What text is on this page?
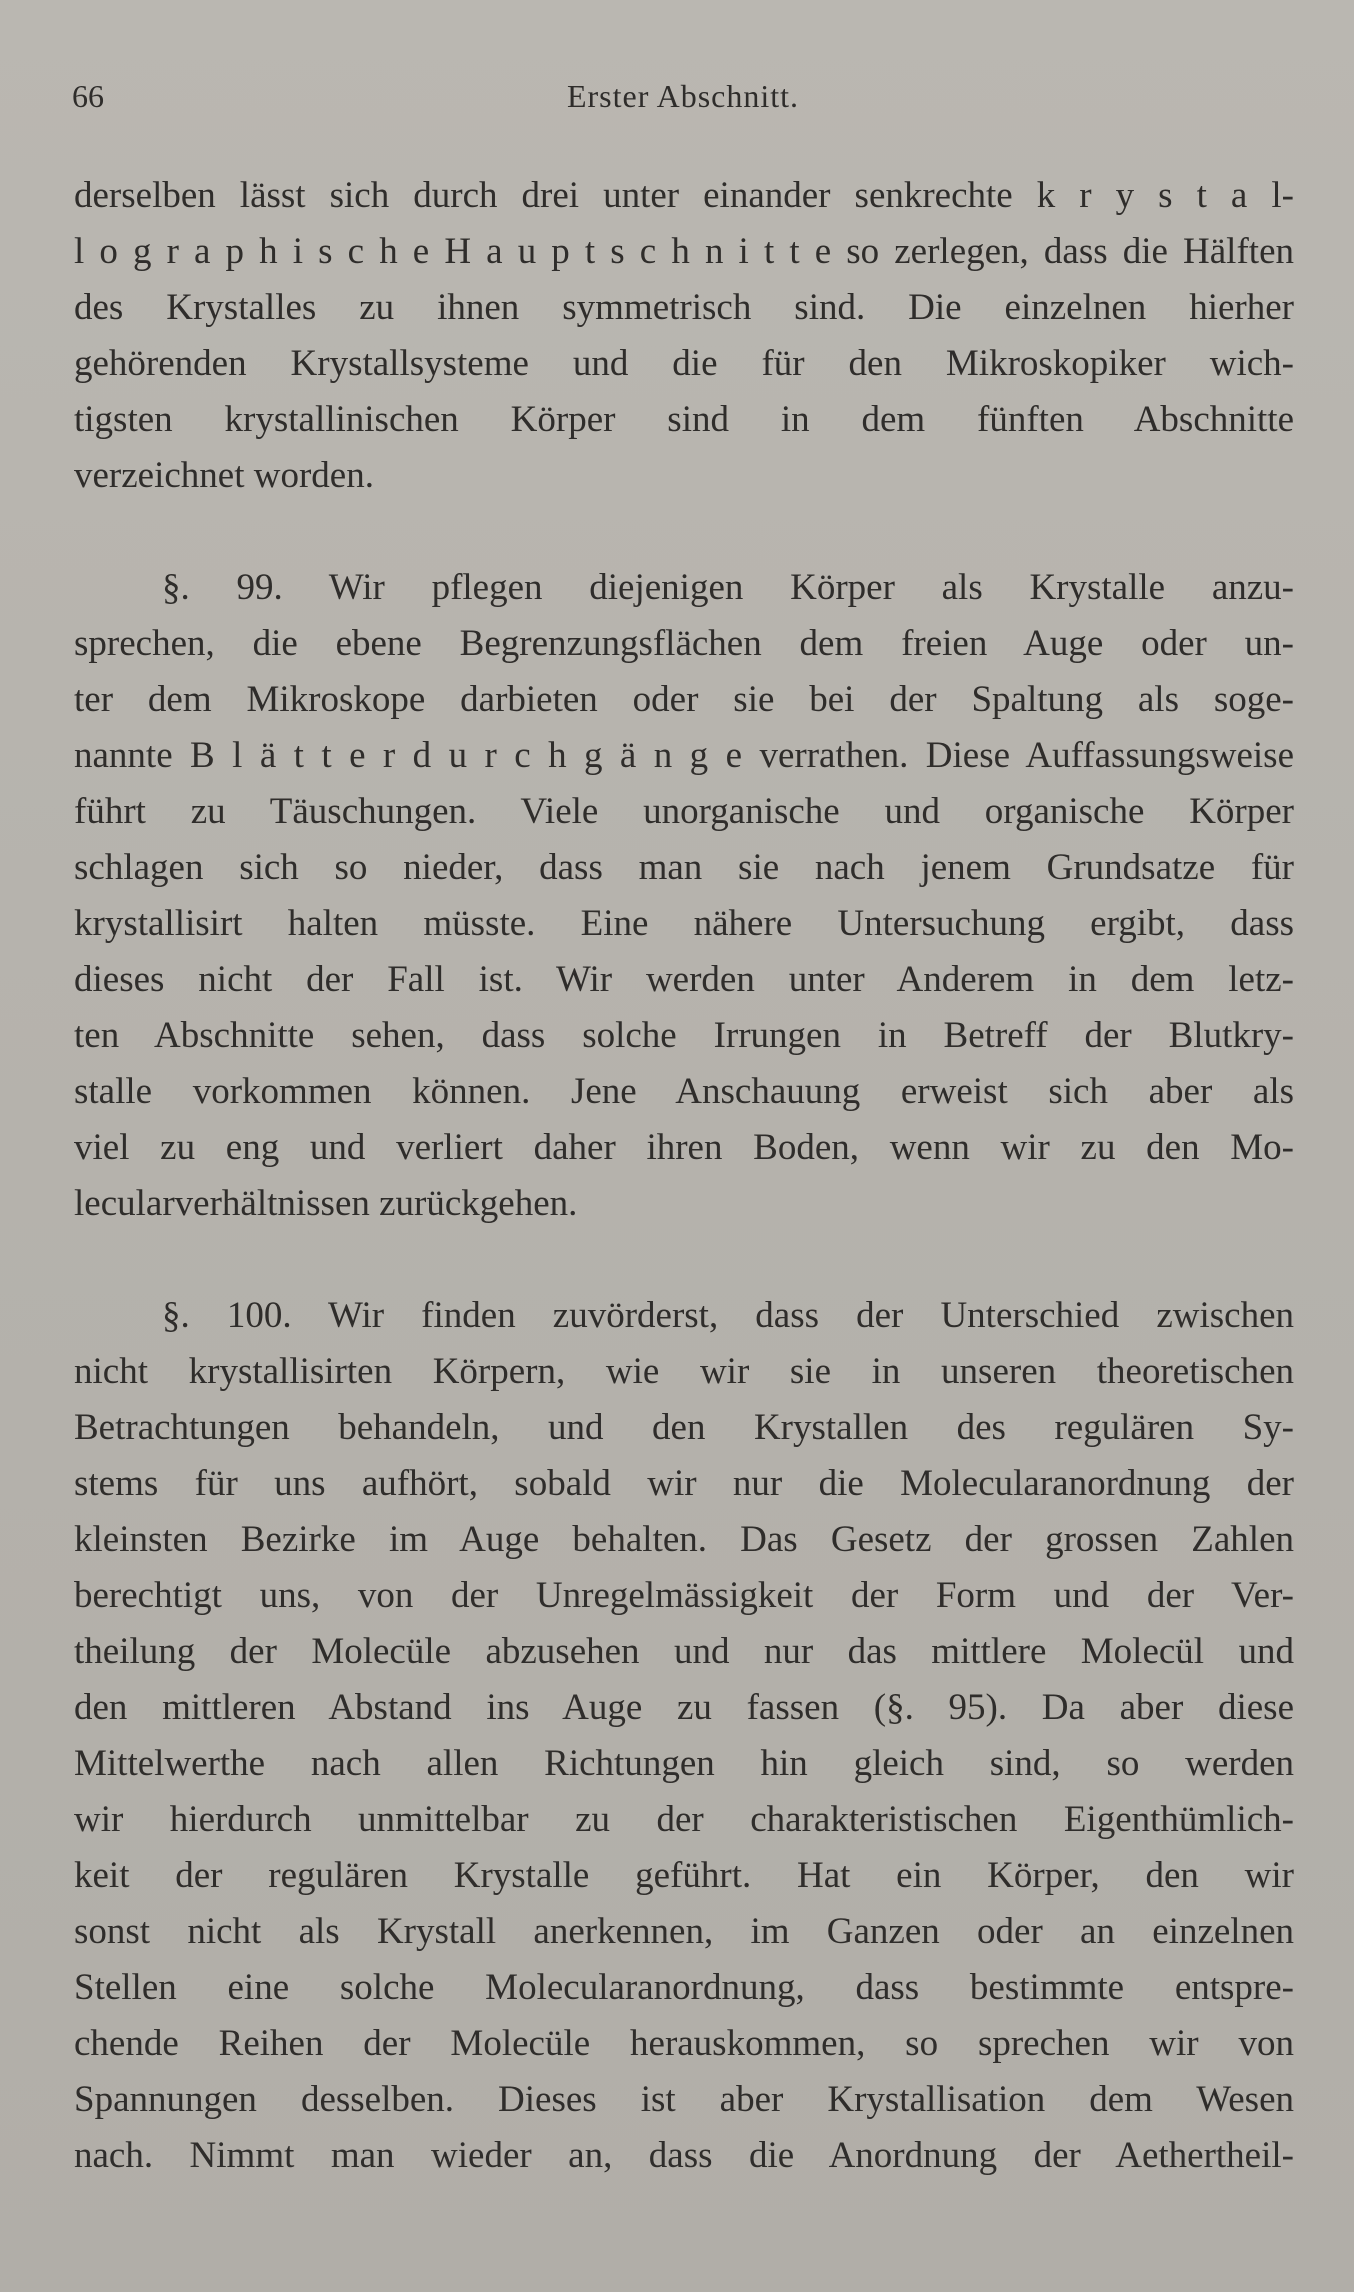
66	Erster Abschnitt.

derselben lässt sich durch drei unter einander senkrechte k r y s t a l-
l o g r a p h i s c h e H a u p t s c h n i t t e so zerlegen, dass die Hälften
des Krystalles zu ihnen symmetrisch sind. Die einzelnen hierher
gehörenden Krystallsysteme und die für den Mikroskopiker wich-
tigsten krystallinischen Körper sind in dem fünften Abschnitte
verzeichnet worden.

§. 99. Wir pflegen diejenigen Körper als Krystalle anzu-
sprechen, die ebene Begrenzungsflächen dem freien Auge oder un-
ter dem Mikroskope darbieten oder sie bei der Spaltung als soge-
nannte B l ä t t e r d u r c h g ä n g e verrathen. Diese Auffassungsweise
führt zu Täuschungen. Viele unorganische und organische Körper
schlagen sich so nieder, dass man sie nach jenem Grundsatze für
krystallisirt halten müsste. Eine nähere Untersuchung ergibt, dass
dieses nicht der Fall ist. Wir werden unter Anderem in dem letz-
ten Abschnitte sehen, dass solche Irrungen in Betreff der Blutkry-
stalle vorkommen können. Jene Anschauung erweist sich aber als
viel zu eng und verliert daher ihren Boden, wenn wir zu den Mo-
lecularverhältnissen zurückgehen.

§. 100. Wir finden zuvörderst, dass der Unterschied zwischen
nicht krystallisirten Körpern, wie wir sie in unseren theoretischen
Betrachtungen behandeln, und den Krystallen des regulären Sy-
stems für uns aufhört, sobald wir nur die Molecularanordnung der
kleinsten Bezirke im Auge behalten. Das Gesetz der grossen Zahlen
berechtigt uns, von der Unregelmässigkeit der Form und der Ver-
theilung der Molecüle abzusehen und nur das mittlere Molecül und
den mittleren Abstand ins Auge zu fassen (§. 95). Da aber diese
Mittelwerthe nach allen Richtungen hin gleich sind, so werden
wir hierdurch unmittelbar zu der charakteristischen Eigenthümlich-
keit der regulären Krystalle geführt. Hat ein Körper, den wir
sonst nicht als Krystall anerkennen, im Ganzen oder an einzelnen
Stellen eine solche Molecularanordnung, dass bestimmte entspre-
chende Reihen der Molecüle herauskommen, so sprechen wir von
Spannungen desselben. Dieses ist aber Krystallisation dem Wesen
nach. Nimmt man wieder an, dass die Anordnung der Aethertheil-
